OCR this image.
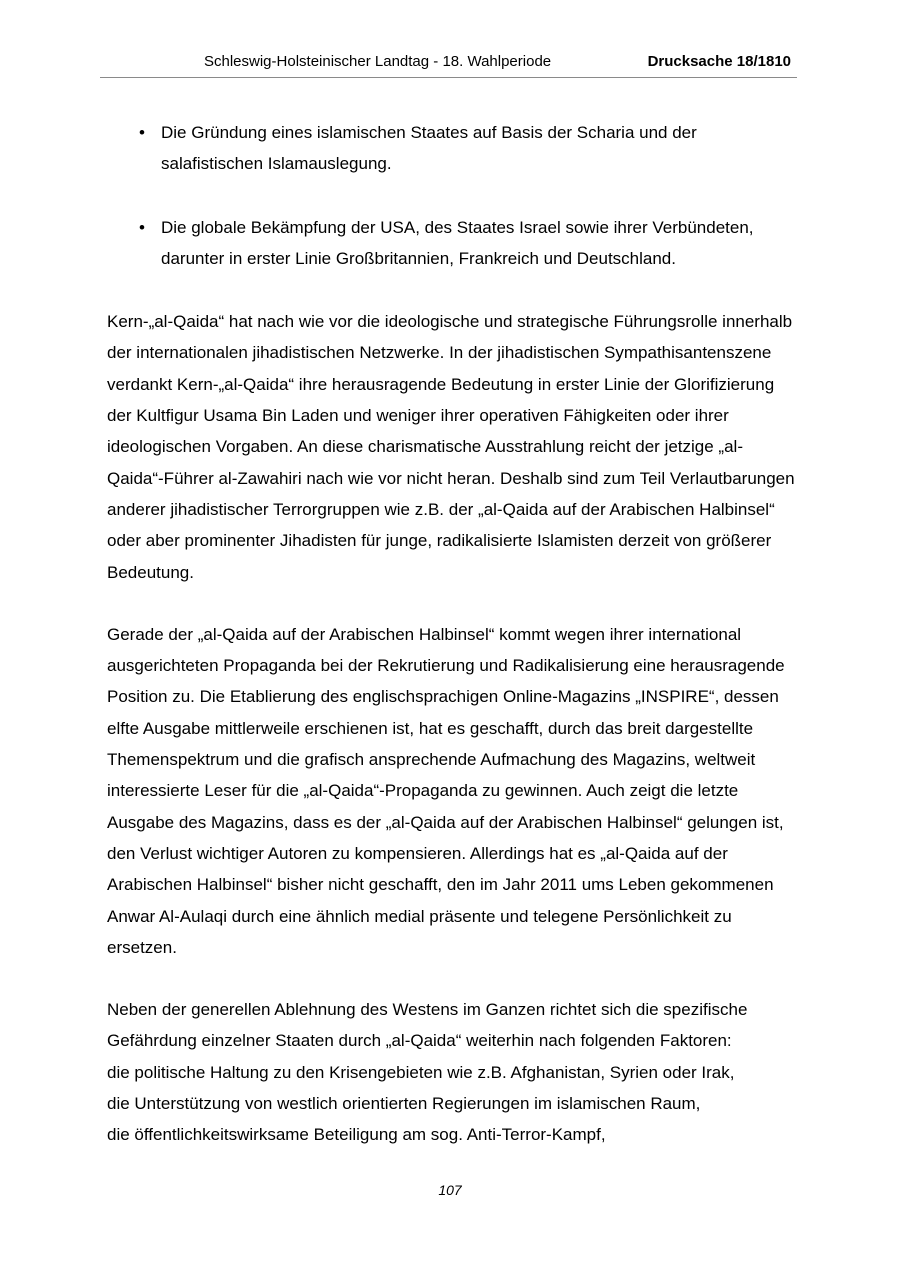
Schleswig-Holsteinischer Landtag - 18. Wahlperiode	Drucksache 18/1810
• Die Gründung eines islamischen Staates auf Basis der Scharia und der salafistischen Islamauslegung.
• Die globale Bekämpfung der USA, des Staates Israel sowie ihrer Verbündeten, darunter in erster Linie Großbritannien, Frankreich und Deutschland.

Kern-„al-Qaida“ hat nach wie vor die ideologische und strategische Führungsrolle innerhalb der internationalen jihadistischen Netzwerke. In der jihadistischen Sympathisantenszene verdankt Kern-„al-Qaida“ ihre herausragende Bedeutung in erster Linie der Glorifizierung der Kultfigur Usama Bin Laden und weniger ihrer operativen Fähigkeiten oder ihrer ideologischen Vorgaben. An diese charismatische Ausstrahlung reicht der jetzige „al-Qaida“-Führer al-Zawahiri nach wie vor nicht heran. Deshalb sind zum Teil Verlautbarungen anderer jihadistischer Terrorgruppen wie z.B. der „al-Qaida auf der Arabischen Halbinsel“ oder aber prominenter Jihadisten für junge, radikalisierte Islamisten derzeit von größerer Bedeutung.

Gerade der „al-Qaida auf der Arabischen Halbinsel“ kommt wegen ihrer international ausgerichteten Propaganda bei der Rekrutierung und Radikalisierung eine herausragende Position zu. Die Etablierung des englischsprachigen Online-Magazins „INSPIRE“, dessen elfte Ausgabe mittlerweile erschienen ist, hat es geschafft, durch das breit dargestellte Themenspektrum und die grafisch ansprechende Aufmachung des Magazins, weltweit interessierte Leser für die „al-Qaida“-Propaganda zu gewinnen. Auch zeigt die letzte Ausgabe des Magazins, dass es der „al-Qaida auf der Arabischen Halbinsel“ gelungen ist, den Verlust wichtiger Autoren zu kompensieren. Allerdings hat es „al-Qaida auf der Arabischen Halbinsel“ bisher nicht geschafft, den im Jahr 2011 ums Leben gekommenen Anwar Al-Aulaqi durch eine ähnlich medial präsente und telegene Persönlichkeit zu ersetzen.

Neben der generellen Ablehnung des Westens im Ganzen richtet sich die spezifische Gefährdung einzelner Staaten durch „al-Qaida“ weiterhin nach folgenden Faktoren:
die politische Haltung zu den Krisengebieten wie z.B. Afghanistan, Syrien oder Irak,
die Unterstützung von westlich orientierten Regierungen im islamischen Raum,
die öffentlichkeitswirksame Beteiligung am sog. Anti-Terror-Kampf,

107
